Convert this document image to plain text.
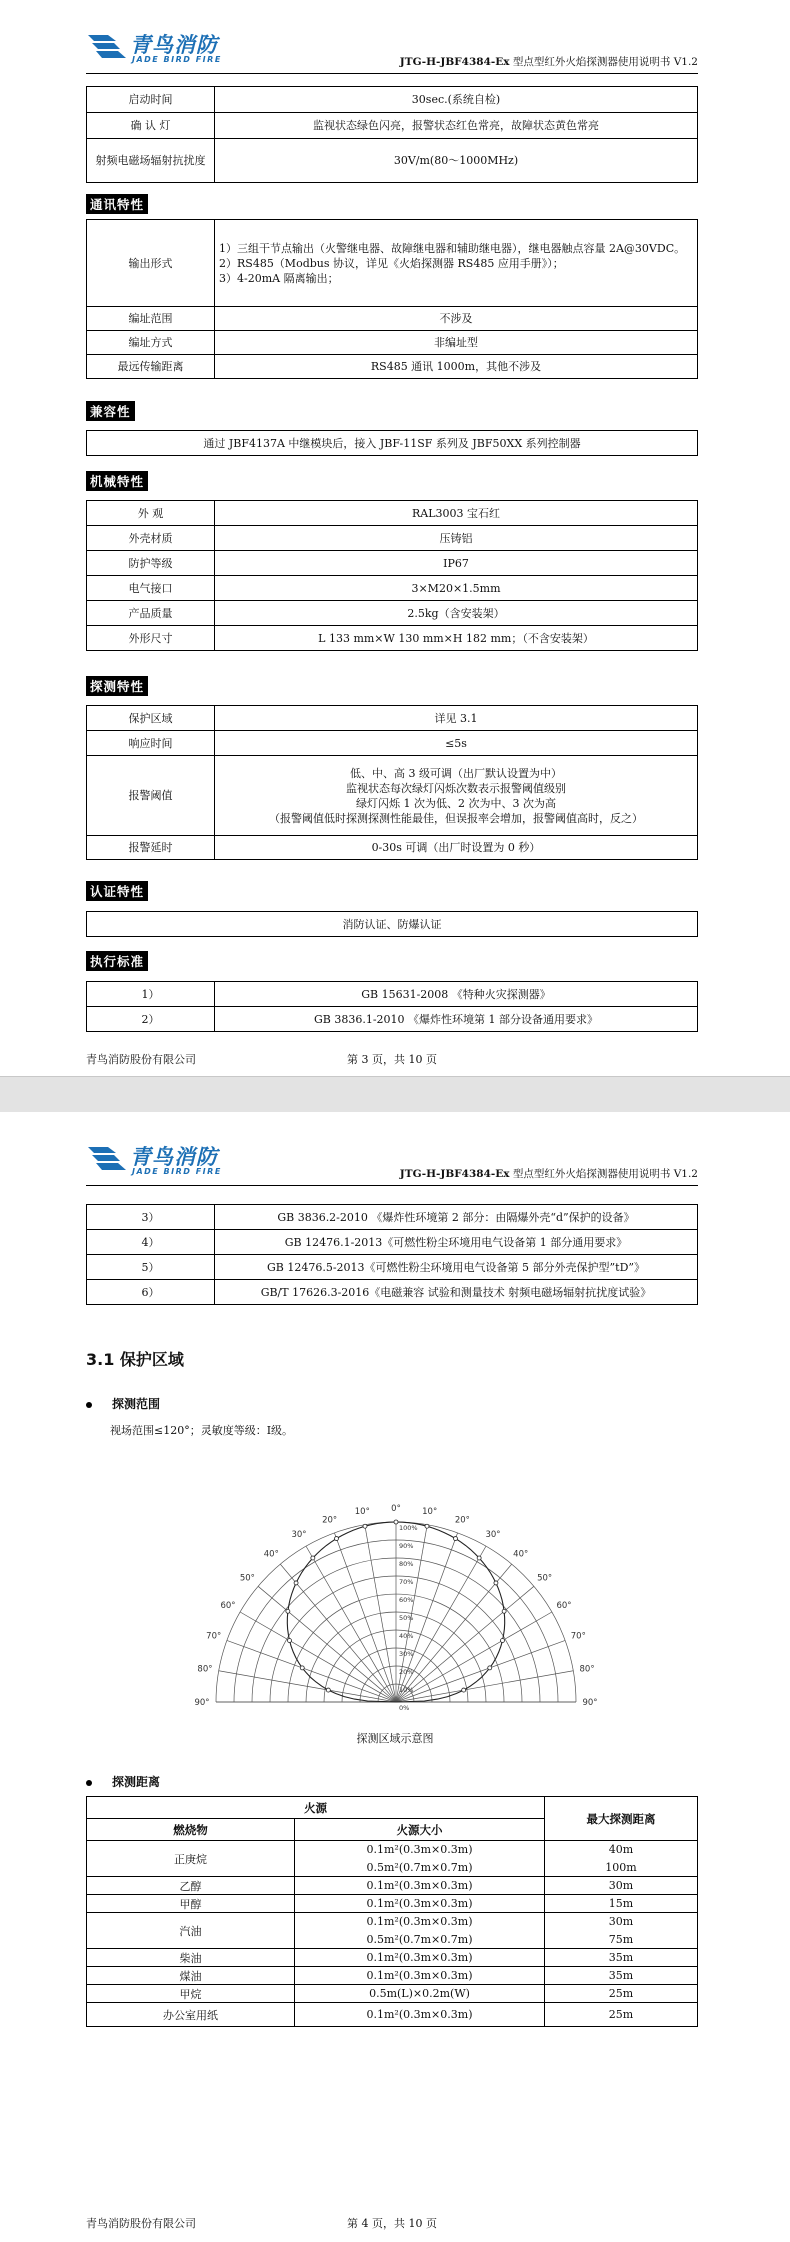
青鸟消防
JADE BIRD FIRE	JTG-H-JBF4384-Ex 型点型红外火焰探测器使用说明书 V1.2
启动时间	30sec.(系统自检)
确 认 灯	监视状态绿色闪亮，报警状态红色常亮，故障状态黄色常亮
射频电磁场辐射抗扰度	30V/m(80～1000MHz)
通讯特性
输出形式	1）三组干节点输出（火警继电器、故障继电器和辅助继电器），继电器触点容量 2A@30VDC。
2）RS485（Modbus 协议，详见《火焰探测器 RS485 应用手册》）；
3）4-20mA 隔离输出；

编址范围	不涉及
编址方式	非编址型
最远传输距离	RS485 通讯 1000m，其他不涉及
兼容性
通过 JBF4137A 中继模块后，接入 JBF-11SF 系列及 JBF50XX 系列控制器
机械特性
外 观	RAL3003 宝石红
外壳材质	压铸铝
防护等级	IP67
电气接口	3×M20×1.5mm
产品质量	2.5kg（含安装架）
外形尺寸	L 133 mm×W 130 mm×H 182 mm；（不含安装架）
探测特性
保护区域	详见 3.1
响应时间	≤5s
报警阈值	低、中、高 3 级可调（出厂默认设置为中）
监视状态每次绿灯闪烁次数表示报警阈值级别
绿灯闪烁 1 次为低、2 次为中、3 次为高
（报警阈值低时探测探测性能最佳，但误报率会增加，报警阈值高时，反之）

报警延时	0-30s 可调（出厂时设置为 0 秒）
认证特性
消防认证、防爆认证
执行标准
1）	GB 15631-2008 《特种火灾探测器》
2）	GB 3836.1-2010 《爆炸性环境第 1 部分设备通用要求》
青鸟消防股份有限公司	第 3 页，共 10 页
青鸟消防
JADE BIRD FIRE	JTG-H-JBF4384-Ex 型点型红外火焰探测器使用说明书 V1.2
3）	GB 3836.2-2010 《爆炸性环境第 2 部分：由隔爆外壳“d”保护的设备》
4）	GB 12476.1-2013《可燃性粉尘环境用电气设备第 1 部分通用要求》
5）	GB 12476.5-2013《可燃性粉尘环境用电气设备第 5 部分外壳保护型”tD”》
6）	GB/T 17626.3-2016《电磁兼容 试验和测量技术 射频电磁场辐射抗扰度试验》
3.1 保护区域
探测范围
视场范围≤120°；灵敏度等级：Ⅰ级。
90°
80°
70°
60°
50°
40°
30°
20°
10°	0°	10°
20°
30°
40°
50°
60°
70°
80°
90°
100%
90%
80%
70%
60%
50%
40%
30%
20%
10%
0%
探测区域示意图
探测距离
火源		最大探测距离
燃烧物	火源大小	
正庚烷	0.1m²(0.3m×0.3m)	40m
	0.5m²(0.7m×0.7m)	100m
乙醇	0.1m²(0.3m×0.3m)	30m
甲醇	0.1m²(0.3m×0.3m)	15m
汽油	0.1m²(0.3m×0.3m)	30m
	0.5m²(0.7m×0.7m)	75m
柴油	0.1m²(0.3m×0.3m)	35m
煤油	0.1m²(0.3m×0.3m)	35m
甲烷	0.5m(L)×0.2m(W)	25m
办公室用纸	0.1m²(0.3m×0.3m)	25m
青鸟消防股份有限公司	第 4 页，共 10 页
